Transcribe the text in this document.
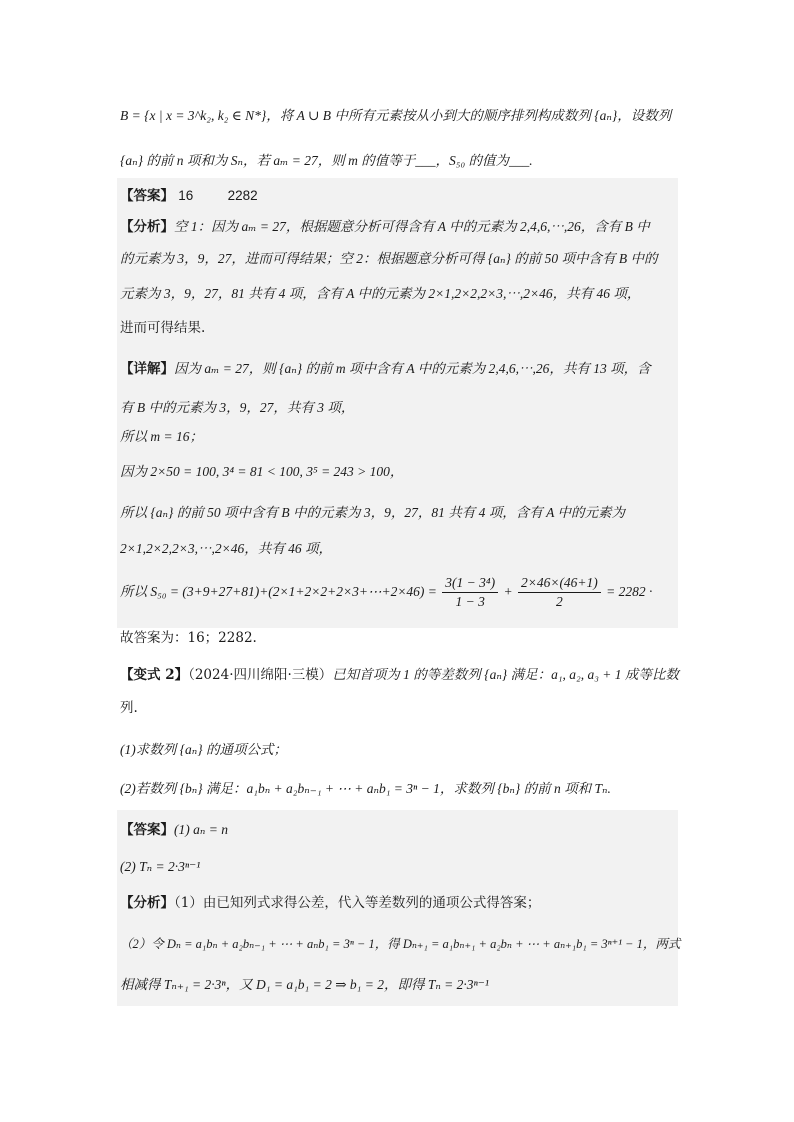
B = {x | x = 3^k₂, k₂ ∈ N*}，将 A ∪ B 中所有元素按从小到大的顺序排列构成数列 {aₙ}，设数列
{aₙ} 的前 n 项和为 Sₙ，若 aₘ = 27，则 m 的值等于___，S₅₀ 的值为___.
【答案】 16	2282
【分析】空 1：因为 aₘ = 27，根据题意分析可得含有 A 中的元素为 2,4,6,⋯,26，含有 B 中
的元素为 3，9，27，进而可得结果；空 2：根据题意分析可得 {aₙ} 的前 50 项中含有 B 中的
元素为 3，9，27，81 共有 4 项，含有 A 中的元素为 2×1,2×2,2×3,⋯,2×46，共有 46 项，
进而可得结果.
【详解】因为 aₘ = 27，则 {aₙ} 的前 m 项中含有 A 中的元素为 2,4,6,⋯,26，共有 13 项，含
有 B 中的元素为 3，9，27，共有 3 项，
所以 m = 16；
因为 2×50 = 100, 3⁴ = 81 < 100, 3⁵ = 243 > 100，
所以 {aₙ} 的前 50 项中含有 B 中的元素为 3，9，27，81 共有 4 项，含有 A 中的元素为
2×1,2×2,2×3,⋯,2×46，共有 46 项，
所以 S₅₀ = (3+9+27+81)+(2×1+2×2+2×3+⋯+2×46) = $\frac{\text{3(1 − 3⁴)}}{1 - 3} + \frac{2\times 46\times(46+1)}{2} = 2282$ ·
故答案为：16；2282.
【变式 2】（2024·四川绵阳·三模）已知首项为 1 的等差数列 {aₙ} 满足：a₁, a₂, a₃ + 1 成等比数
列.
(1)求数列 {aₙ} 的通项公式；
(2)若数列 {bₙ} 满足：a₁bₙ + a₂bₙ₋₁ + ⋯ + aₙb₁ = 3ⁿ − 1，求数列 {bₙ} 的前 n 项和 Tₙ.
【答案】(1) aₙ = n
(2) Tₙ = 2·3ⁿ⁻¹
【分析】（1）由已知列式求得公差，代入等差数列的通项公式得答案；
（2）令 Dₙ = a₁bₙ + a₂bₙ₋₁ + ⋯ + aₙb₁ = 3ⁿ − 1，得 Dₙ₊₁ = a₁bₙ₊₁ + a₂bₙ + ⋯ + aₙ₊₁b₁ = 3ⁿ⁺¹ − 1，两式
相减得 Tₙ₊₁ = 2·3ⁿ，又 D₁ = a₁b₁ = 2 ⇒ b₁ = 2，即得 Tₙ = 2·3ⁿ⁻¹
